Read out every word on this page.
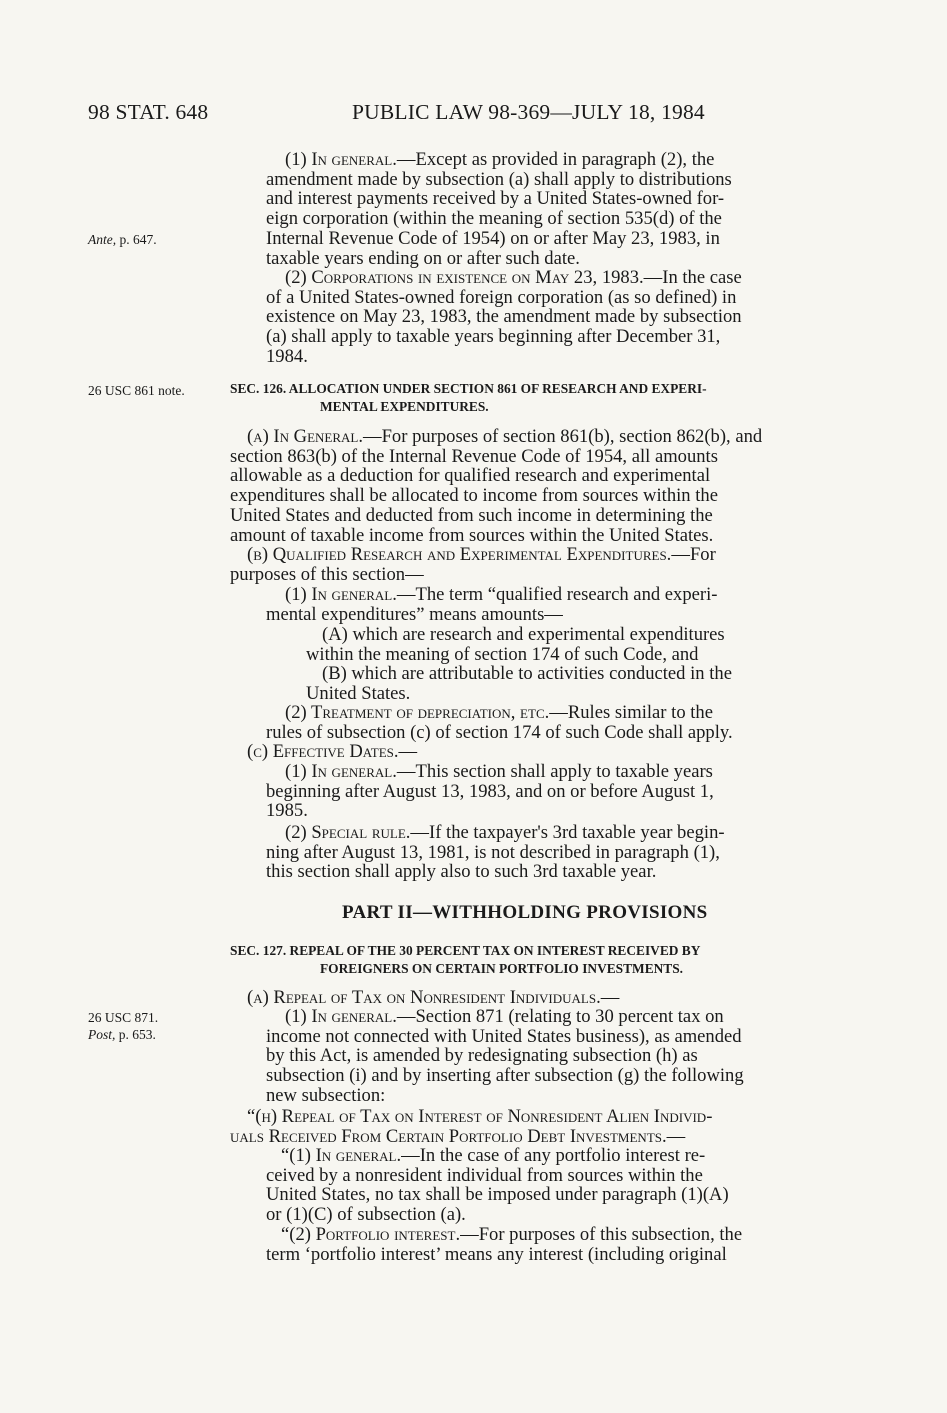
98 STAT. 648	PUBLIC LAW 98-369—JULY 18, 1984
Ante, p. 647.
26 USC 861 note.
26 USC 871.
Post, p. 653.
(1) In general.—Except as provided in paragraph (2), the
amendment made by subsection (a) shall apply to distributions
and interest payments received by a United States-owned for-
eign corporation (within the meaning of section 535(d) of the
Internal Revenue Code of 1954) on or after May 23, 1983, in
taxable years ending on or after such date.
(2) Corporations in existence on May 23, 1983.—In the case
of a United States-owned foreign corporation (as so defined) in
existence on May 23, 1983, the amendment made by subsection
(a) shall apply to taxable years beginning after December 31,
1984.
SEC. 126. ALLOCATION UNDER SECTION 861 OF RESEARCH AND EXPERI-
MENTAL EXPENDITURES.
(a) In General.—For purposes of section 861(b), section 862(b), and
section 863(b) of the Internal Revenue Code of 1954, all amounts
allowable as a deduction for qualified research and experimental
expenditures shall be allocated to income from sources within the
United States and deducted from such income in determining the
amount of taxable income from sources within the United States.
(b) Qualified Research and Experimental Expenditures.—For
purposes of this section—
(1) In general.—The term “qualified research and experi-
mental expenditures” means amounts—
(A) which are research and experimental expenditures
within the meaning of section 174 of such Code, and
(B) which are attributable to activities conducted in the
United States.
(2) Treatment of depreciation, etc.—Rules similar to the
rules of subsection (c) of section 174 of such Code shall apply.
(c) Effective Dates.—
(1) In general.—This section shall apply to taxable years
beginning after August 13, 1983, and on or before August 1,
1985.
(2) Special rule.—If the taxpayer's 3rd taxable year begin-
ning after August 13, 1981, is not described in paragraph (1),
this section shall apply also to such 3rd taxable year.
PART II—WITHHOLDING PROVISIONS
SEC. 127. REPEAL OF THE 30 PERCENT TAX ON INTEREST RECEIVED BY
FOREIGNERS ON CERTAIN PORTFOLIO INVESTMENTS.
(a) Repeal of Tax on Nonresident Individuals.—
(1) In general.—Section 871 (relating to 30 percent tax on
income not connected with United States business), as amended
by this Act, is amended by redesignating subsection (h) as
subsection (i) and by inserting after subsection (g) the following
new subsection:
“(h) Repeal of Tax on Interest of Nonresident Alien Individ-
uals Received From Certain Portfolio Debt Investments.—
“(1) In general.—In the case of any portfolio interest re-
ceived by a nonresident individual from sources within the
United States, no tax shall be imposed under paragraph (1)(A)
or (1)(C) of subsection (a).
“(2) Portfolio interest.—For purposes of this subsection, the
term ‘portfolio interest’ means any interest (including original
